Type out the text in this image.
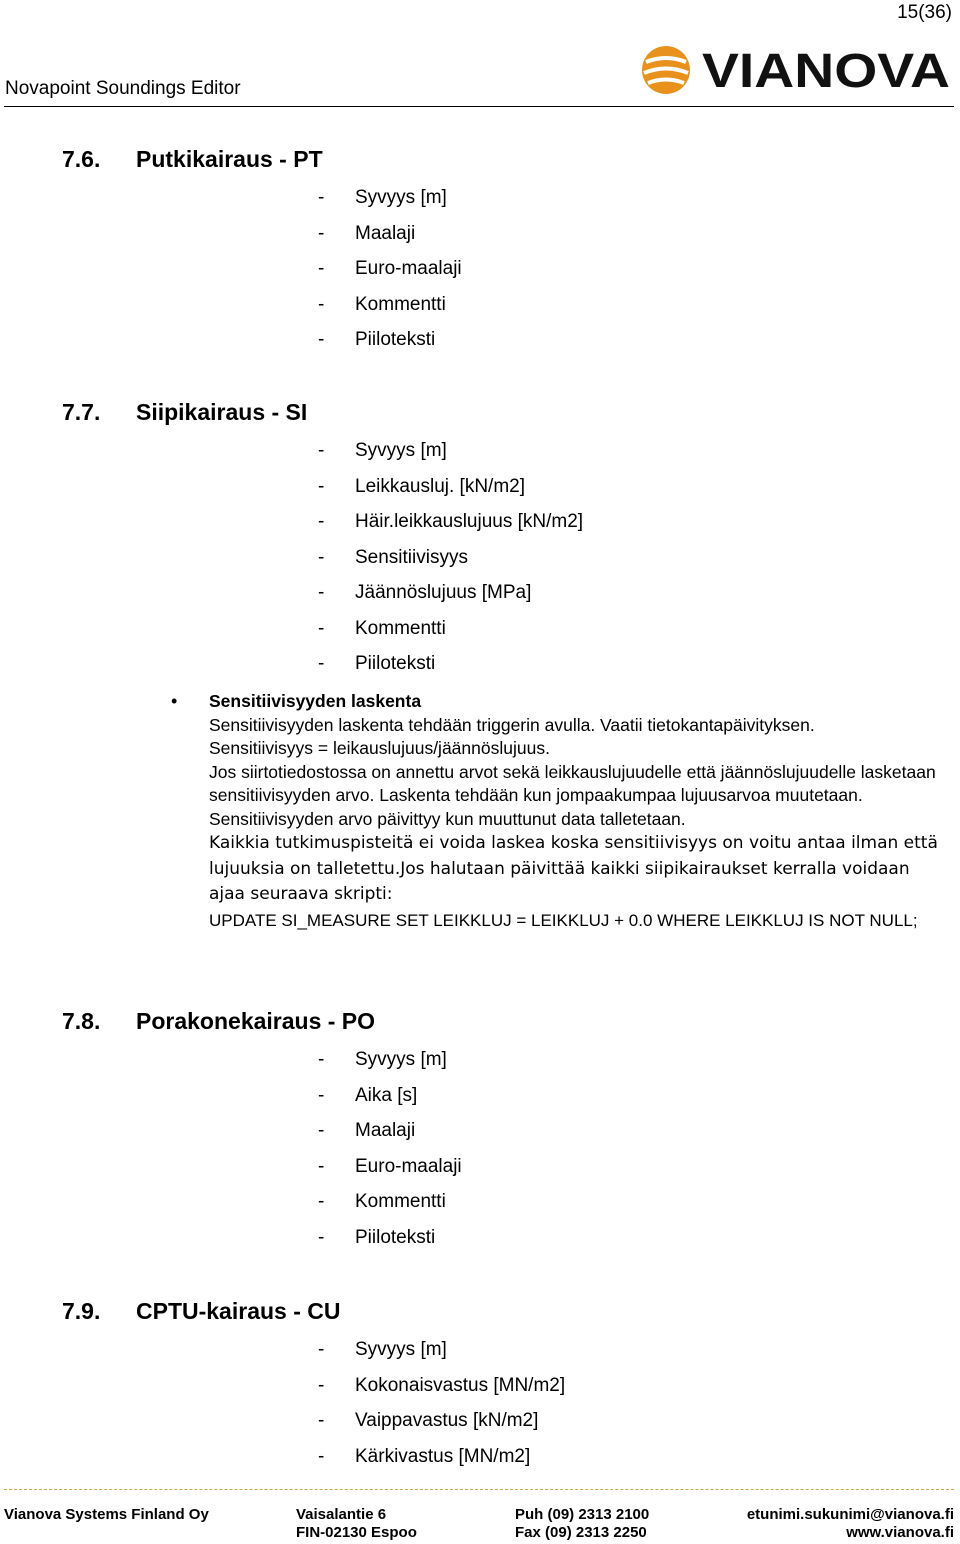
15(36)
Novapoint Soundings Editor	VIANOVA
7.6. Putkikairaus - PT
- Syvyys [m]
- Maalaji
- Euro-maalaji
- Kommentti
- Piiloteksti
7.7. Siipikairaus - SI
- Syvyys [m]
- Leikkausluj. [kN/m2]
- Häir.leikkauslujuus [kN/m2]
- Sensitiivisyys
- Jäännöslujuus [MPa]
- Kommentti
- Piiloteksti
• Sensitiivisyyden laskenta

Sensitiivisyyden laskenta tehdään triggerin avulla. Vaatii tietokantapäivityksen.

Sensitiivisyys = leikauslujuus/jäännöslujuus.

Jos siirtotiedostossa on annettu arvot sekä leikkauslujuudelle että jäännöslujuudelle lasketaan sensitiivisyyden arvo. Laskenta tehdään kun jompaakumpaa lujuusarvoa muutetaan. Sensitiivisyyden arvo päivittyy kun muuttunut data talletetaan.

Kaikkia tutkimuspisteitä ei voida laskea koska sensitiivisyys on voitu antaa ilman että lujuuksia on talletettu.Jos halutaan päivittää kaikki siipikairaukset kerralla voidaan ajaa seuraava skripti:

UPDATE SI_MEASURE SET LEIKKLUJ = LEIKKLUJ + 0.0 WHERE LEIKKLUJ IS NOT NULL;

7.8. Porakonekairaus - PO
- Syvyys [m]
- Aika [s]
- Maalaji
- Euro-maalaji
- Kommentti
- Piiloteksti
7.9. CPTU-kairaus - CU
- Syvyys [m]
- Kokonaisvastus [MN/m2]
- Vaippavastus [kN/m2]
- Kärkivastus [MN/m2]
Vianova Systems Finland Oy	Vaisalantie 6
FIN-02130 Espoo
Puh (09) 2313 2100
Fax (09) 2313 2250
etunimi.sukunimi@vianova.fi
www.vianova.fi
